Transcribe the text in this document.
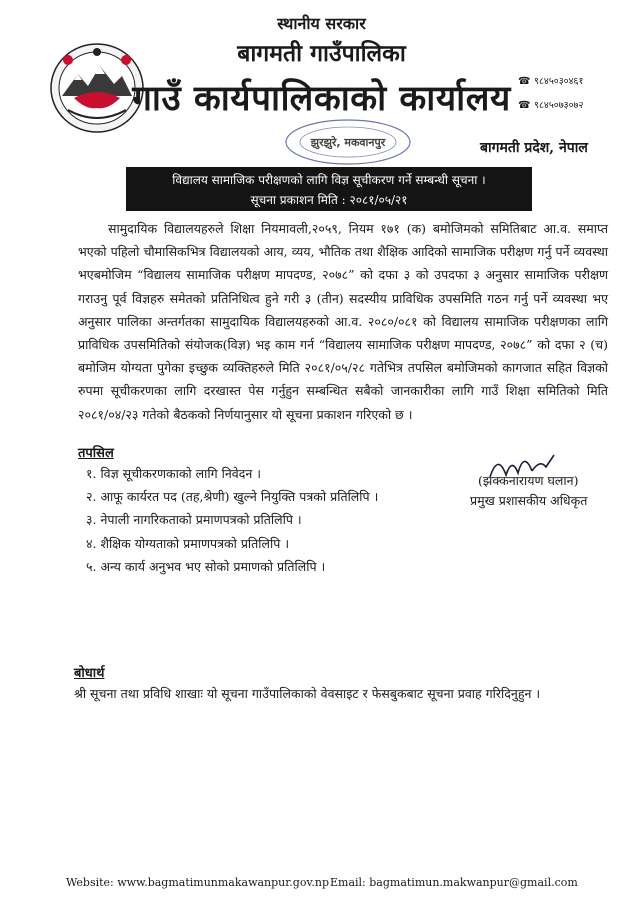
स्थानीय सरकार
बागमती गाउँपालिका
गाउँ कार्यपालिकाको कार्यालय ☎ ९८४५०३०४६१
☎ ९८४५०७३०७२
झुरझुरे, मकवानपुर	बागमती प्रदेश, नेपाल
विद्यालय सामाजिक परीक्षणको लागि विज्ञ सूचीकरण गर्ने सम्बन्धी सूचना ।
सूचना प्रकाशन मिति : २०८१/०५/२१

सामुदायिक विद्यालयहरुले शिक्षा नियमावली,२०५९, नियम १७१ (क) बमोजिमको समितिबाट आ.व. समाप्त भएको पहिलो चौमासिकभित्र विद्यालयको आय, व्यय, भौतिक तथा शैक्षिक आदिको सामाजिक परीक्षण गर्नु पर्ने व्यवस्था भएबमोजिम “विद्यालय सामाजिक परीक्षण मापदण्ड, २०७८” को दफा ३ को उपदफा ३ अनुसार सामाजिक परीक्षण गराउनु पूर्व विज्ञहरु समेतको प्रतिनिधित्व हुने गरी ३ (तीन) सदस्यीय प्राविधिक उपसमिति गठन गर्नु पर्ने व्यवस्था भए अनुसार पालिका अन्तर्गतका सामुदायिक विद्यालयहरुको आ.व. २०८०/०८१ को विद्यालय सामाजिक परीक्षणका लागि प्राविधिक उपसमितिको संयोजक(विज्ञ) भइ काम गर्न “विद्यालय सामाजिक परीक्षण मापदण्ड, २०७८” को दफा २ (च) बमोजिम योग्यता पुगेका इच्छुक व्यक्तिहरुले मिति २०८१/०५/२८ गतेभित्र तपसिल बमोजिमको कागजात सहित विज्ञको रुपमा सूचीकरणका लागि दरखास्त पेस गर्नुहुन सम्बन्धित सबैको जानकारीका लागि गाउँ शिक्षा समितिको मिति २०८१/०४/२३ गतेको बैठकको निर्णयानुसार यो सूचना प्रकाशन गरिएको छ ।

तपसिल
१. विज्ञ सूचीकरणकाको लागि निवेदन ।
२. आफू कार्यरत पद (तह,श्रेणी) खुल्ने नियुक्ति पत्रको प्रतिलिपि ।
३. नेपाली नागरिकताको प्रमाणपत्रको प्रतिलिपि ।
४. शैक्षिक योग्यताको प्रमाणपत्रको प्रतिलिपि ।
५. अन्य कार्य अनुभव भए सोको प्रमाणको प्रतिलिपि ।
(झक्कनारायण घलान)
प्रमुख प्रशासकीय अधिकृत
बोधार्थ
श्री सूचना तथा प्रविधि शाखाः यो सूचना गाउँपालिकाको वेवसाइट र फेसबुकबाट सूचना प्रवाह गरिदिनुहुन ।
Website: www.bagmatimunmakawanpur.gov.np Email: bagmatimun.makwanpur@gmail.com
